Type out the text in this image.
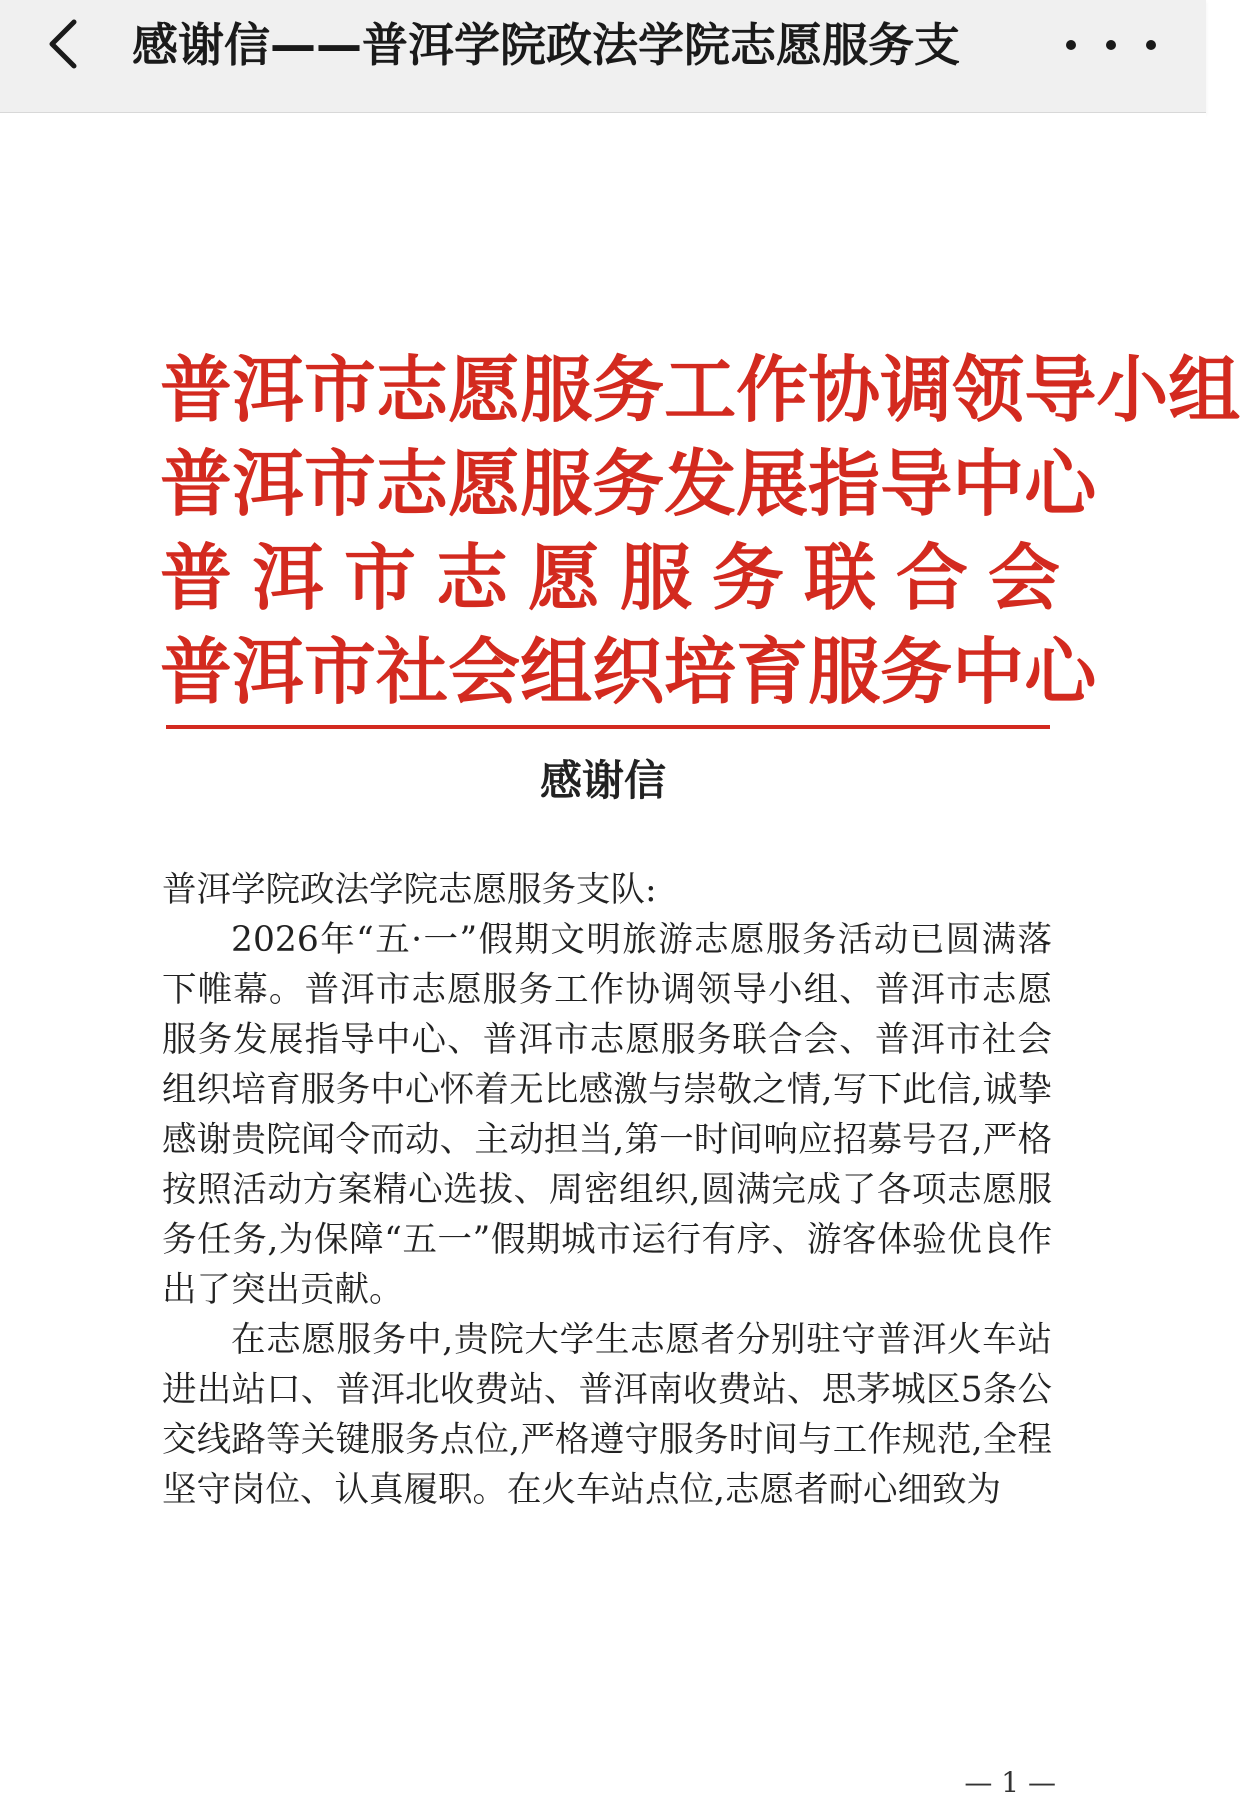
感谢信——普洱学院政法学院志愿服务支
普 洱 市 志 愿 服 务 工 作 协 调 领 导 小 组
普 洱 市 志 愿 服 务 发 展 指 导 中 心
普 洱 市 志 愿 服 务 联 合 会
普 洱 市 社 会 组 织 培 育 服 务 中 心
感谢信

普洱学院政法学院志愿服务支队:

2026年“五·一”假期文明旅游志愿服务活动已圆满落下帷幕。普洱市志愿服务工作协调领导小组、普洱市志愿服务发展指导中心、普洱市志愿服务联合会、普洱市社会组织培育服务中心怀着无比感激与崇敬之情,写下此信,诚挚感谢贵院闻令而动、主动担当,第一时间响应招募号召,严格按照活动方案精心选拔、周密组织,圆满完成了各项志愿服务任务,为保障“五一”假期城市运行有序、游客体验优良作出了突出贡献。

在志愿服务中,贵院大学生志愿者分别驻守普洱火车站进出站口、普洱北收费站、普洱南收费站、思茅城区5条公交线路等关键服务点位,严格遵守服务时间与工作规范,全程坚守岗位、认真履职。在火车站点位,志愿者耐心细致为

— 1 —
